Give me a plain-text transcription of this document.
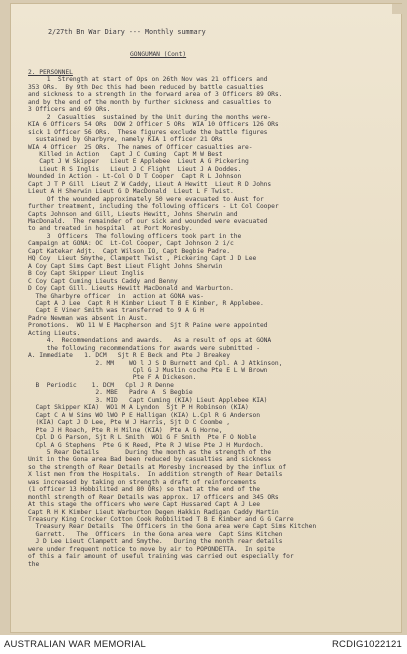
2/27th Bn War Diary --- Monthly summary
GONGUMAN (Cont)
2. PERSONNEL
1  Strength at start of Ops on 26th Nov was 21 officers and
353 ORs.  By 9th Dec this had been reduced by battle casualties
and sickness to a strength in the forward area of 3 Officers 89 ORs.
and by the end of the month by further sickness and casualties to
3 Officers and 69 ORs.
2  Casualties  sustained by the Unit during the months were-
KIA 6 Officers 54 ORs  DOW 2 Officer 5 ORs  WIA 10 Officers 126 ORs
sick 1 Officer 56 ORs.  These figures exclude the battle figures
sustained by Gharbyre, namely KIA 1 officer 21 ORs
WIA 4 Officer  25 ORs.  The names of Officer casualties are-
Killed in Action   Capt J C Cuming  Capt M W Best
Capt J W Skipper   Lieut E Applebee  Lieut A G Pickering
Lieut R S Inglis   Lieut J C Flight  Lieut J A Doddes.
Wounded in Action - Lt-Col O D T Cooper  Capt R L Johnson
Capt J T P Gill  Lieut Z W Caddy, Lieut A Hewitt  Lieut R D Johns
Lieut A H Sherwin Lieut G D MacDonald  Lieut L F Twist.
Of the wounded approximately 50 were evacuated to Aust for
further treatment, including the following officers - Lt Col Cooper
Capts Johnson and Gill, Lieuts Hewitt, Johns Sherwin and
MacDonald.  The remainder of our sick and wounded were evacuated
to and treated in hospital  at Port Moresby.
3  Officers  The following officers took part in the
Campaign at GONA: OC  Lt-Col Cooper, Capt Johnson 2 i/c
Capt Katekar Adjt.  Capt Wilson IO, Capt Begbie Padre.
HQ Coy  Lieut Smythe, Clampett Twist , Pickering Capt J D Lee
A Coy Capt Sims Capt Best Lieut Flight Johns Sherwin
B Coy Capt Skipper Lieut Inglis
C Coy Capt Cuming Lieuts Caddy and Benny
D Coy Capt Gill. Lieuts Hewitt MacDonald and Warburton.
The Gharbyre officer  in  action at GONA was-
Capt A J Lee  Capt R H Kimber Lieut T B E Kimber, R Applebee.
Capt E Viner Smith was transferred to 9 A G H
Padre Newman was absent in Aust.
Promotions.  WO 11 W E Macpherson and Sjt R Paine were appointed
Acting Lieuts.
4.  Recommendations and awards.   As a result of ops at GONA
the following recommendations for awards were submitted -
A. Immediate   1. DCM   Sjt R E Beck and Pte J Breakey
2. MM    WO l J S D Burnett and Cpl. A J Atkinson,
Cpl G J Muslin coche Pte E L W Brown
Pte F A Dickeson.
B  Periodic    1. DCM   Cpl J R Denne
2. MBE   Padre A  S Begbie
3. MID   Capt Cuming (KIA) Lieut Applebee KIA)
Capt Skipper KIA)  WO1 M A Lyndon  Sjt P H Robinson (KIA)
Capt C A W Sims WO lWO P E Halligan (KIA) L.Cpl R G Anderson
(KIA) Capt J D Lee, Pte W J Harris, Sjt D C Coombe ,
Pte J H Roach, Pte R H Milne (KIA)  Pte A G Horne,
Cpl D G Parson, Sjt R L Smith  WO1 G F Smith  Pte F O Noble
Cpl A G Stephens  Pte G K Reed, Pte R J Wise Pte J H Murdoch.
5 Rear Details       During the month as the strength of the
Unit in the Gona area Bad been reduced by casualties and sickness
so the strength of Rear Details at Moresby increased by the influx of
X list men from the Hospitals.  In addition strength of Rear Details
was increased by taking on strength a draft of reinforcements
(1 officer 13 Hobbilited and 80 ORs) so that at the end of the
monthl strength of Rear Details was approx. 17 officers and 345 ORs
At this stage the officers who were Capt Hussared Capt A J Lee
Capt R H K Kimber Lieut Warburton Degen Hakkin Radigan Caddy Martin
Treasury King Crocker Cotton Cook Robbilited T B E Kimber and G G Carre
Treasury Rear Details  The Officers in the Gona area were Capt Sims Kitchen
Garrett.   The  Officers  in the Gona area were  Capt Sims Kitchen
J D Lee Lieut Clampett and Smythe.   During the month rear details
were under frequent notice to move by air to POPONDETTA.  In spite
of this a fair amount of useful training was carried out especially for
the
AUSTRALIAN WAR MEMORIAL	RCDIG1022121
